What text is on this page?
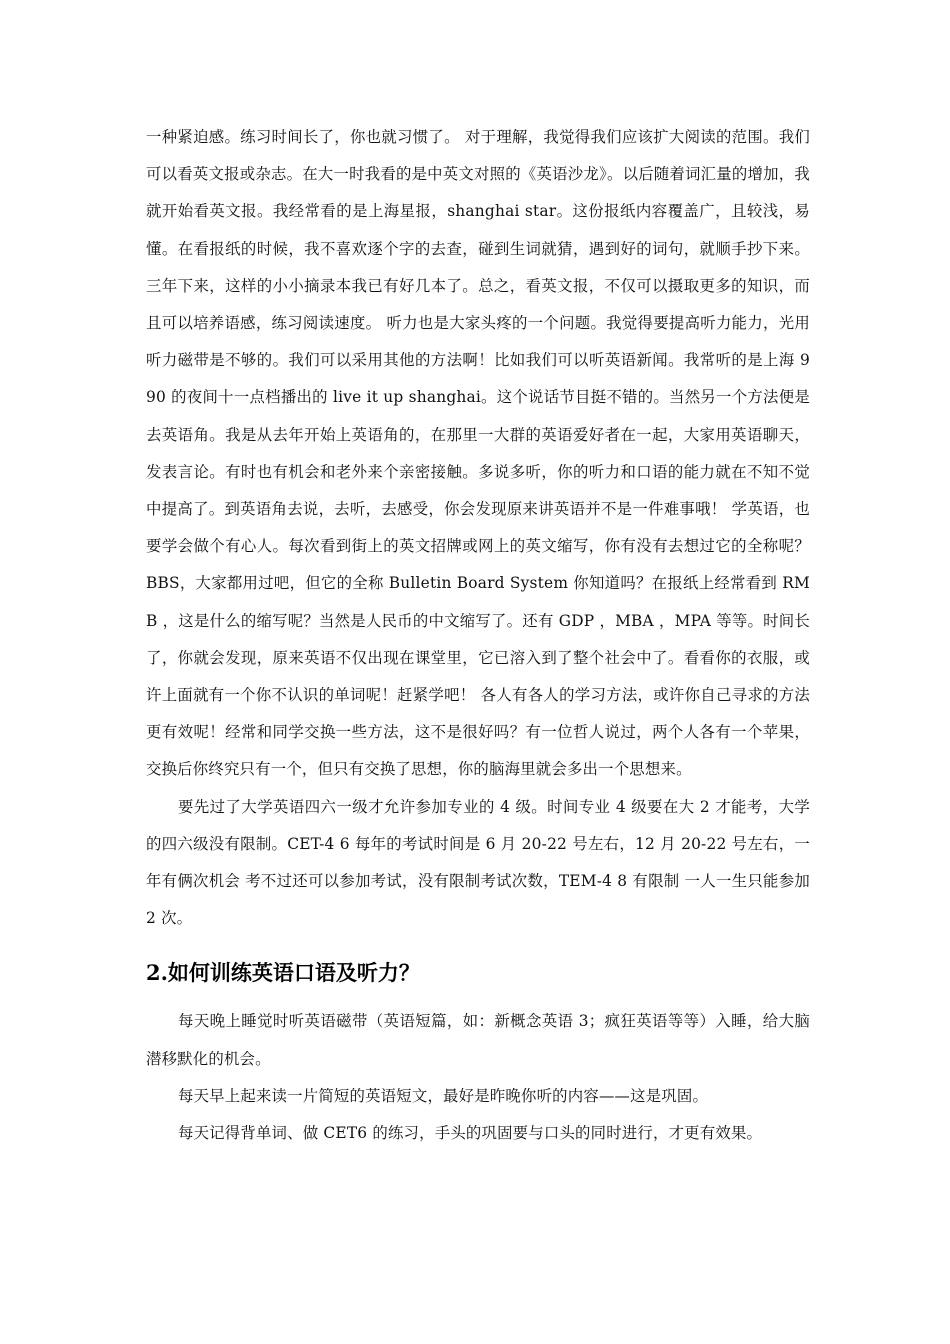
一种紧迫感。练习时间长了，你也就习惯了。 对于理解，我觉得我们应该扩大阅读的范围。我们可以看英文报或杂志。在大一时我看的是中英文对照的《英语沙龙》。以后随着词汇量的增加，我就开始看英文报。我经常看的是上海星报，shanghai star。这份报纸内容覆盖广，且较浅，易懂。在看报纸的时候，我不喜欢逐个字的去查，碰到生词就猜，遇到好的词句，就顺手抄下来。三年下来，这样的小小摘录本我已有好几本了。总之，看英文报，不仅可以摄取更多的知识，而且可以培养语感，练习阅读速度。 听力也是大家头疼的一个问题。我觉得要提高听力能力，光用听力磁带是不够的。我们可以采用其他的方法啊！比如我们可以听英语新闻。我常听的是上海 990 的夜间十一点档播出的 live it up shanghai。这个说话节目挺不错的。当然另一个方法便是去英语角。我是从去年开始上英语角的，在那里一大群的英语爱好者在一起，大家用英语聊天，发表言论。有时也有机会和老外来个亲密接触。多说多听，你的听力和口语的能力就在不知不觉中提高了。到英语角去说，去听，去感受，你会发现原来讲英语并不是一件难事哦！ 学英语，也要学会做个有心人。每次看到街上的英文招牌或网上的英文缩写，你有没有去想过它的全称呢？BBS，大家都用过吧，但它的全称 Bulletin Board System 你知道吗？在报纸上经常看到 RMB ，这是什么的缩写呢？当然是人民币的中文缩写了。还有 GDP ，MBA ，MPA 等等。时间长了，你就会发现，原来英语不仅出现在课堂里，它已溶入到了整个社会中了。看看你的衣服，或许上面就有一个你不认识的单词呢！赶紧学吧！ 各人有各人的学习方法，或许你自己寻求的方法更有效呢！经常和同学交换一些方法，这不是很好吗？有一位哲人说过，两个人各有一个苹果，交换后你终究只有一个，但只有交换了思想，你的脑海里就会多出一个思想来。

要先过了大学英语四六一级才允许参加专业的 4 级。时间专业 4 级要在大 2 才能考，大学的四六级没有限制。CET-4 6 每年的考试时间是 6 月 20-22 号左右，12 月 20-22 号左右，一年有俩次机会 考不过还可以参加考试，没有限制考试次数，TEM-4 8 有限制 一人一生只能参加 2 次。

2.如何训练英语口语及听力？

每天晚上睡觉时听英语磁带（英语短篇，如：新概念英语 3；疯狂英语等等）入睡，给大脑潜移默化的机会。

每天早上起来读一片简短的英语短文，最好是昨晚你听的内容——这是巩固。

每天记得背单词、做 CET6 的练习，手头的巩固要与口头的同时进行，才更有效果。
